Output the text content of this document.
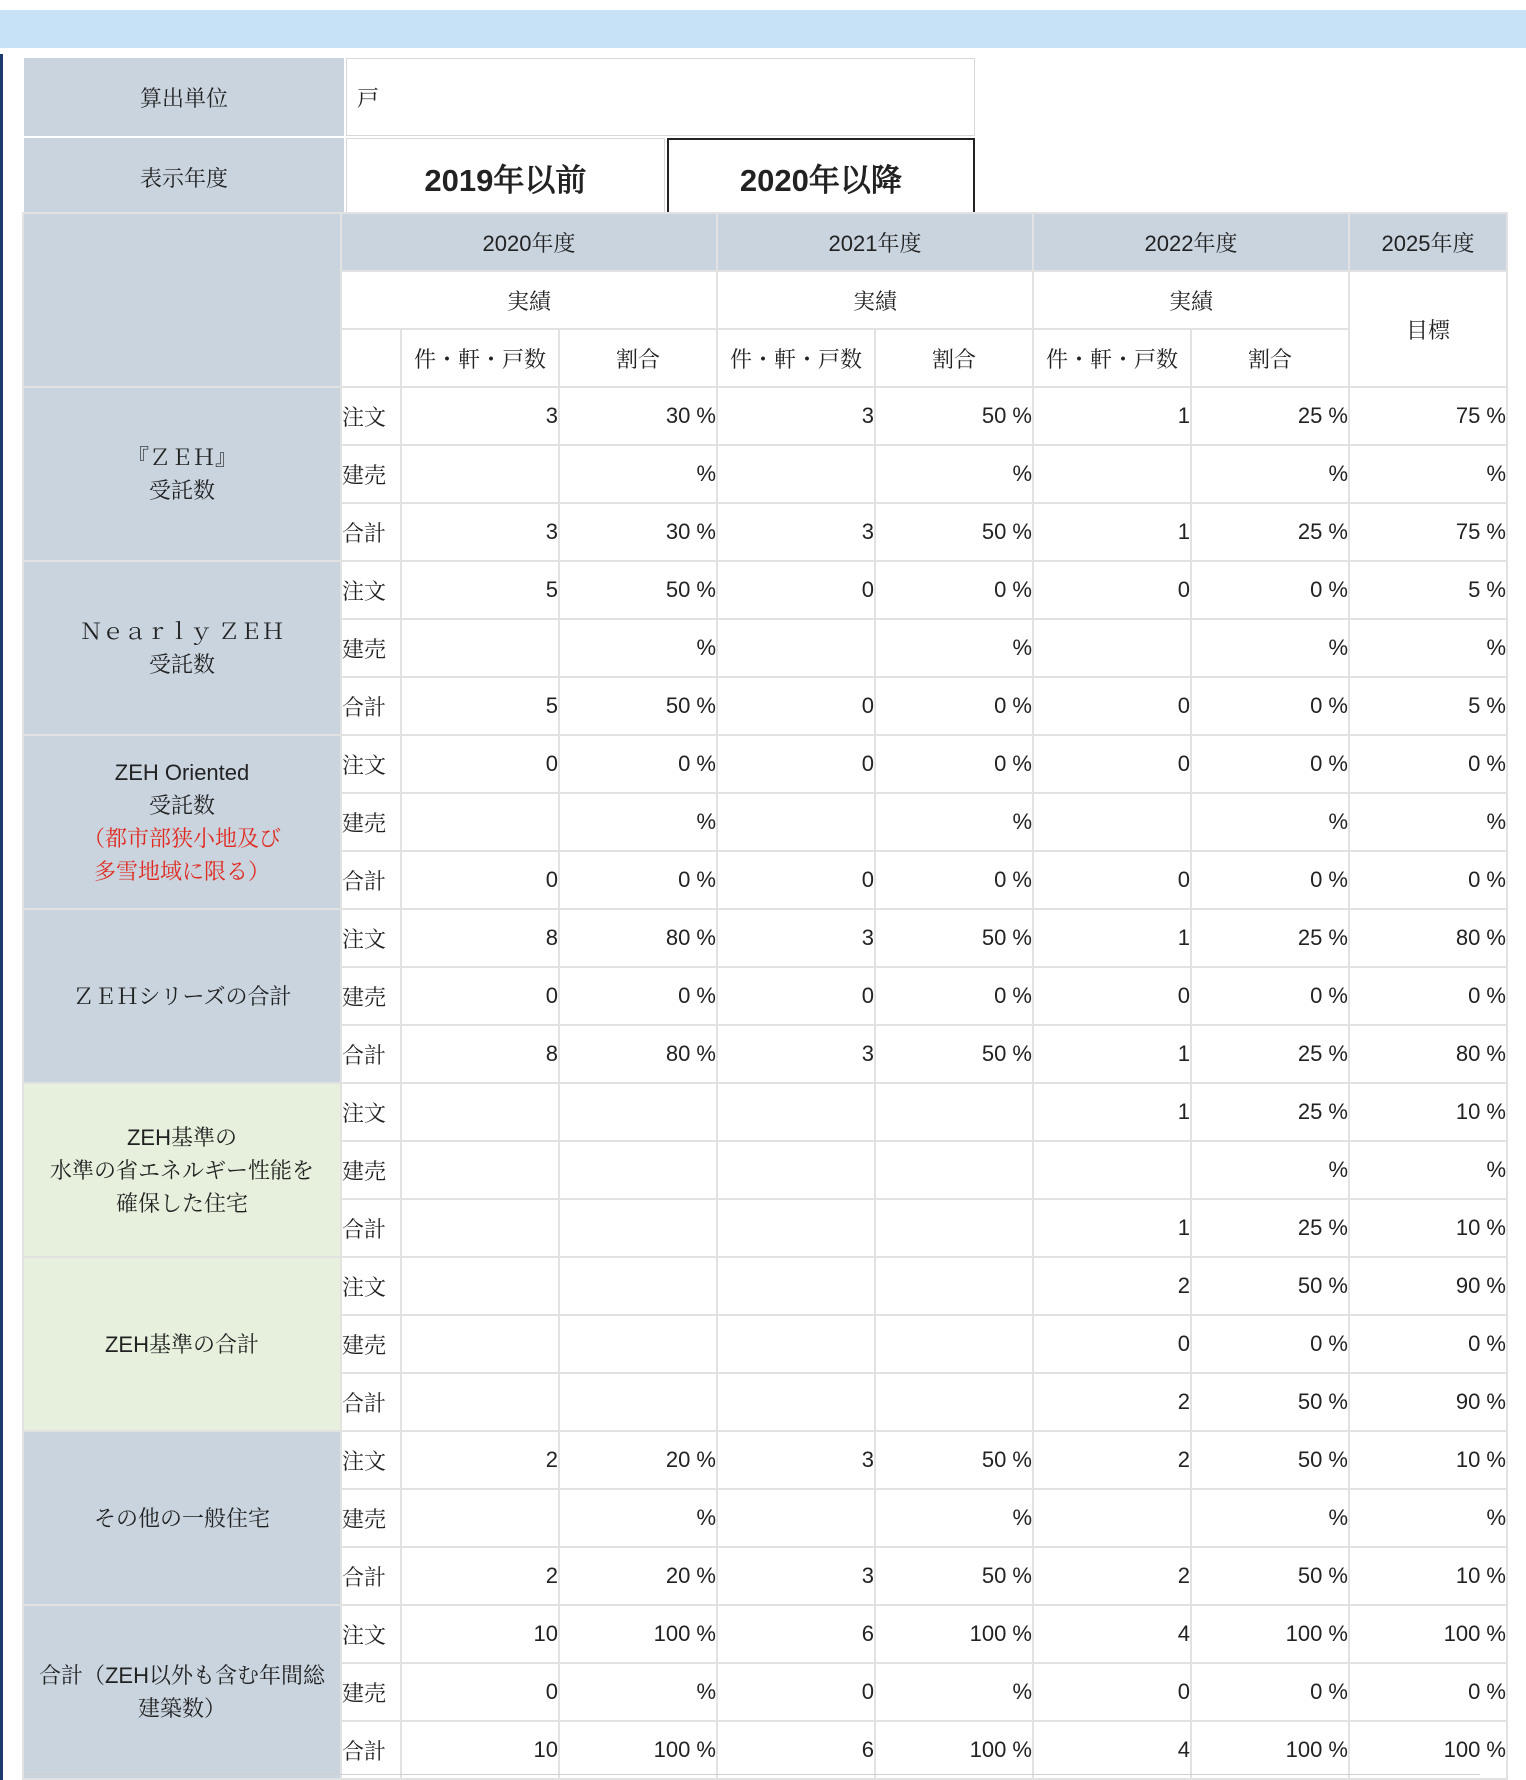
算出単位	戸	
表示年度	2019年以前	2020年以降
	2020年度			2021年度		2022年度		2025年度
	実績			実績		実績		目標
		件・軒・戸数	割合	件・軒・戸数	割合	件・軒・戸数	割合	

『ＺＥＨ』
受託数	注文	3	30 %	3	50 %	1	25 %	75 %
	建売		%		%		%	%
	合計	3	30 %	3	50 %	1	25 %	75 %

Ｎｅａｒｌｙ ＺＥＨ
受託数	注文	5	50 %	0	0 %	0	0 %	5 %
	建売		%		%		%	%
	合計	5	50 %	0	0 %	0	0 %	5 %

ZEH Oriented
受託数
（都市部狭小地及び
多雪地域に限る）	注文	0	0 %	0	0 %	0	0 %	0 %
	建売		%		%		%	%
	合計	0	0 %	0	0 %	0	0 %	0 %

ＺＥＨシリーズの合計	注文	8	80 %	3	50 %	1	25 %	80 %
	建売	0	0 %	0	0 %	0	0 %	0 %
	合計	8	80 %	3	50 %	1	25 %	80 %

ZEH基準の
水準の省エネルギー性能を
確保した住宅	注文					1	25 %	10 %
	建売						%	%
	合計					1	25 %	10 %

ZEH基準の合計	注文					2	50 %	90 %
	建売					0	0 %	0 %
	合計					2	50 %	90 %

その他の一般住宅	注文	2	20 %	3	50 %	2	50 %	10 %
	建売		%		%		%	%
	合計	2	20 %	3	50 %	2	50 %	10 %

合計（ZEH以外も含む年間総
建築数）	注文	10	100 %	6	100 %	4	100 %	100 %
	建売	0	%	0	%	0	0 %	0 %
	合計	10	100 %	6	100 %	4	100 %	100 %
